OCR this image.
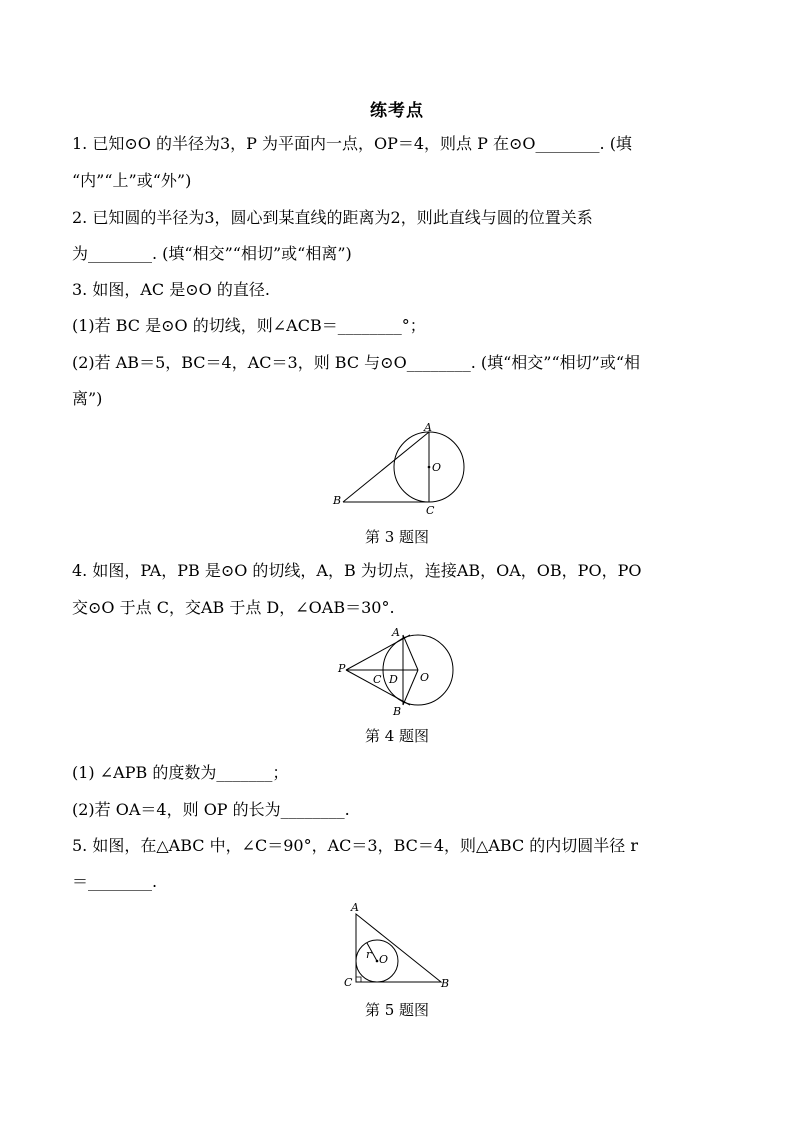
练考点
1. 已知⊙O 的半径为3，P 为平面内一点，OP＝4，则点 P 在⊙O________. (填
“内”“上”或“外”)
2. 已知圆的半径为3，圆心到某直线的距离为2，则此直线与圆的位置关系
为________. (填“相交”“相切”或“相离”)
3. 如图，AC 是⊙O 的直径.
(1)若 BC 是⊙O 的切线，则∠ACB＝________°；
(2)若 AB＝5，BC＝4，AC＝3，则 BC 与⊙O________. (填“相交”“相切”或“相
离”)
A
B
C
O
第 3 题图
4. 如图，PA，PB 是⊙O 的切线，A，B 为切点，连接AB，OA，OB，PO，PO
交⊙O 于点 C，交AB 于点 D，∠OAB＝30°.
A
B
C D O
P
第 4 题图
(1) ∠APB 的度数为_______；
(2)若 OA＝4，则 OP 的长为________.
5. 如图，在△ABC 中，∠C＝90°，AC＝3，BC＝4，则△ABC 的内切圆半径 r
＝________.
A
B
C
O
r
第 5 题图
